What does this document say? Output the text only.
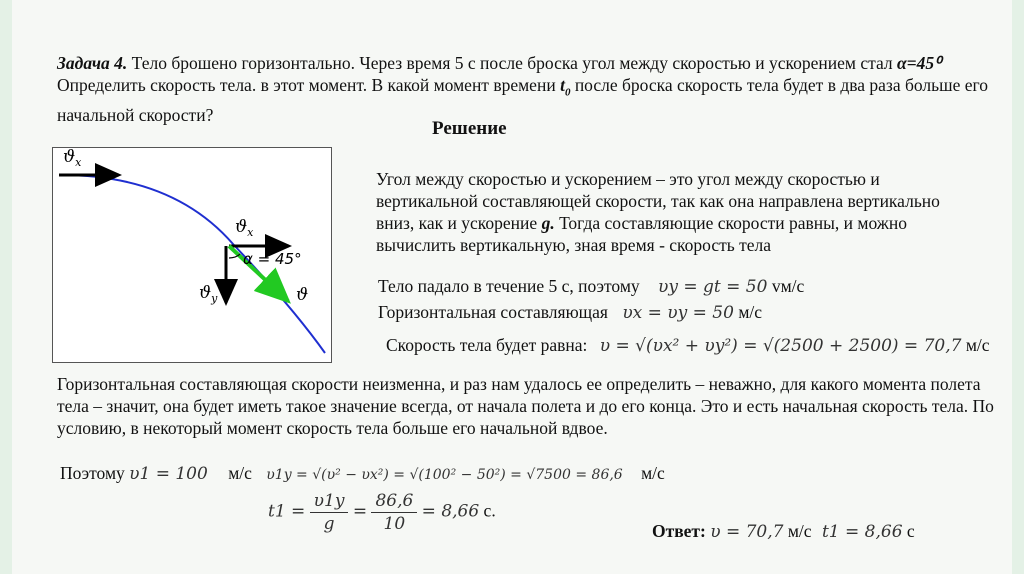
Задача 4. Тело брошено горизонтально. Через время 5 с после броска угол между скоростью и ускорением стал α=45⁰ Определить скорость тела. в этот момент. В какой момент времени $t_0$ после броска скорость тела будет в два раза больше его начальной скорости?
Решение
$ϑ_x$
$ϑ_x$
$ϑ_y$	ϑ
α = 45°
Угол между скоростью и ускорением – это угол между скоростью и вертикальной составляющей скорости, так как она направлена вертикально вниз, как и ускорение g. Тогда составляющие скорости равны, и можно вычислить вертикальную, зная время - скорость тела
Тело падало в течение 5 с, поэтому υy = gt = 50 vм/с
Горизонтальная составляющая υx = υy = 50 м/с
Скорость тела будет равна: υ = √(υx² + υy²) = √(2500 + 2500) = 70,7 м/с
Горизонтальная составляющая скорости неизменна, и раз нам удалось ее определить – неважно, для какого момента полета тела – значит, она будет иметь такое значение всегда, от начала полета и до его конца. Это и есть начальная скорость тела. По условию, в некоторый момент скорость тела больше его начальной вдвое.
Поэтому υ1 = 100 м/с υ1y = √(υ² − υx²) = √(100² − 50²) = √7500 = 86,6 м/с
$t1 = \frac{\upsilon 1y}{g} = \frac{86,6}{10} = 8,66$ с.
Ответ: υ = 70,7 м/с t1 = 8,66 с
